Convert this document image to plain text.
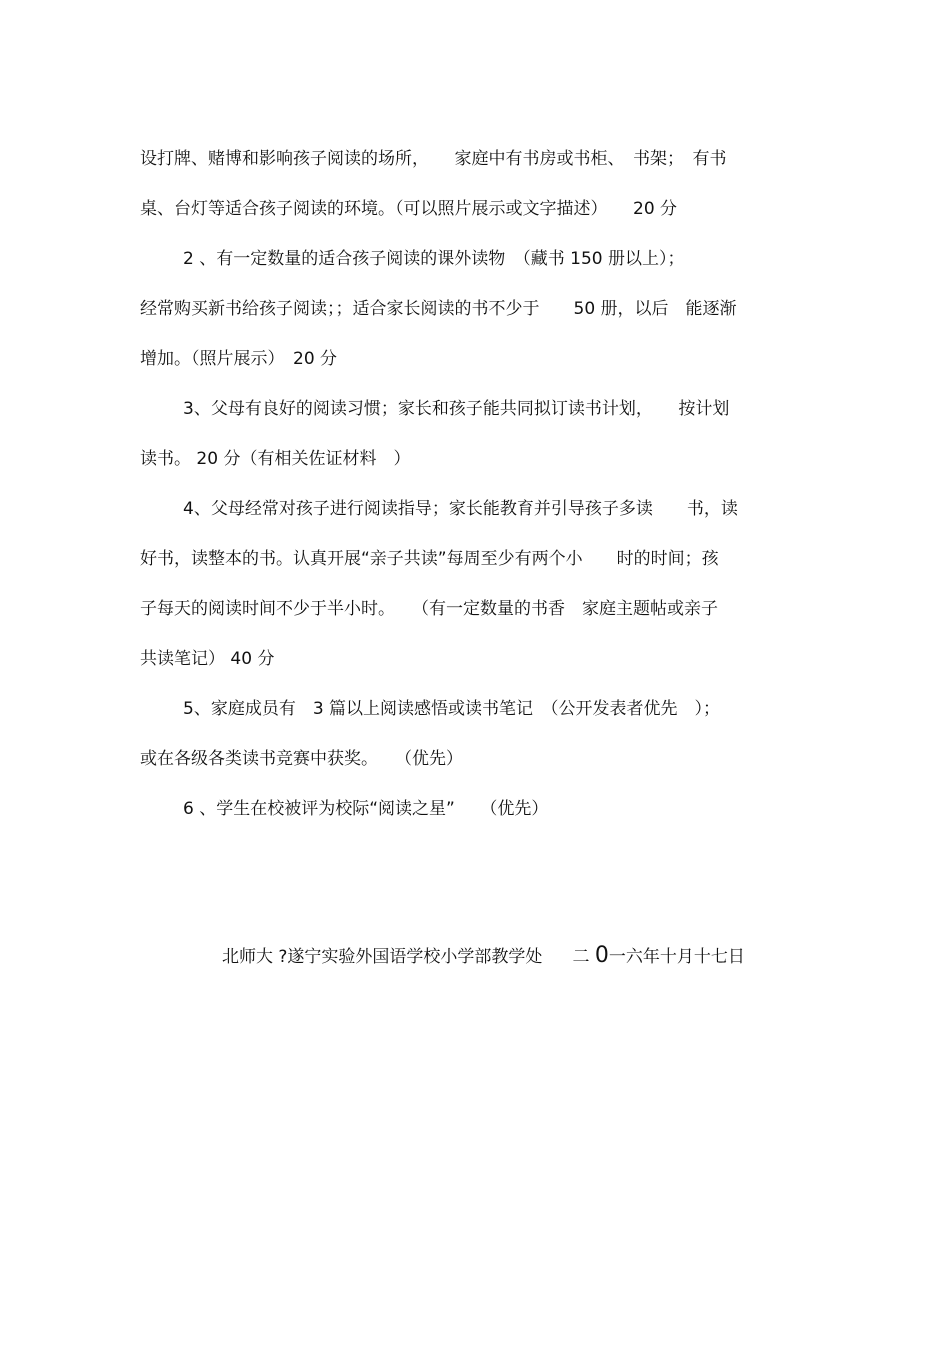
设打牌、赌博和影响孩子阅读的场所，　　家庭中有书房或书柜、　书架；　有书
桌、台灯等适合孩子阅读的环境。（可以照片展示或文字描述）　　20 分
2 、有一定数量的适合孩子阅读的课外读物　（藏书 150 册以上）；
经常购买新书给孩子阅读；；适合家长阅读的书不少于　　50 册，以后　能逐渐
增加。（照片展示）　20 分
3、父母有良好的阅读习惯；家长和孩子能共同拟订读书计划，　　按计划
读书。 20 分（有相关佐证材料　）
4、父母经常对孩子进行阅读指导；家长能教育并引导孩子多读　　书，读
好书，读整本的书。认真开展“亲子共读”每周至少有两个小　　时的时间；孩
子每天的阅读时间不少于半小时。　　（有一定数量的书香　家庭主题帖或亲子
共读笔记） 40 分
5、家庭成员有　3 篇以上阅读感悟或读书笔记　（公开发表者优先　）；
或在各级各类读书竞赛中获奖。　　（优先）
6 、学生在校被评为校际“阅读之星”　　（优先）
北师大 ?遂宁实验外国语学校小学部教学处 二 0一六年十月十七日
